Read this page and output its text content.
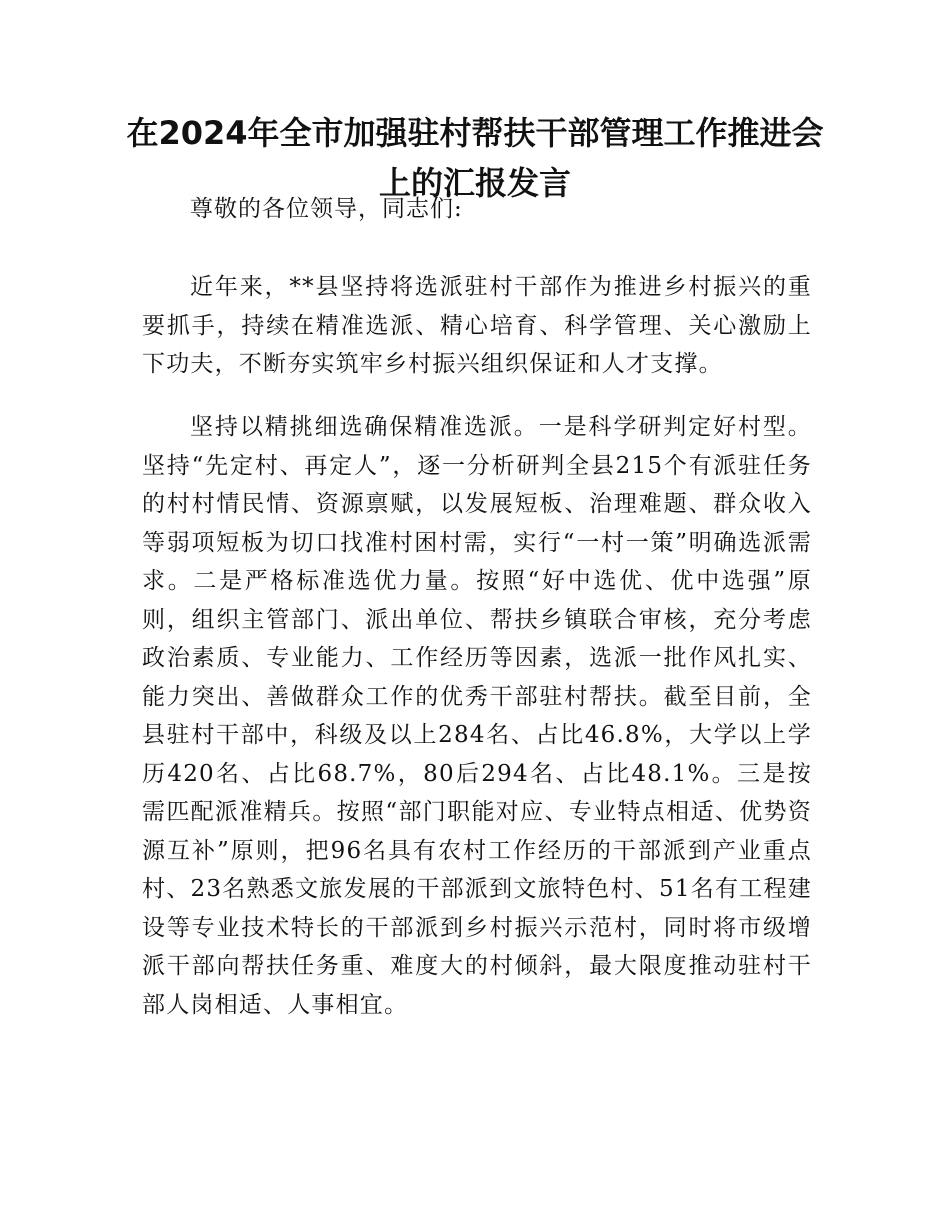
在2024年全市加强驻村帮扶干部管理工作推进会上的汇报发言

尊敬的各位领导，同志们:

近年来，**县坚持将选派驻村干部作为推进乡村振兴的重要抓手，持续在精准选派、精心培育、科学管理、关心激励上下功夫，不断夯实筑牢乡村振兴组织保证和人才支撑。

坚持以精挑细选确保精准选派。一是科学研判定好村型。坚持“先定村、再定人”，逐一分析研判全县215个有派驻任务的村村情民情、资源禀赋，以发展短板、治理难题、群众收入等弱项短板为切口找准村困村需，实行“一村一策”明确选派需求。二是严格标准选优力量。按照“好中选优、优中选强”原则，组织主管部门、派出单位、帮扶乡镇联合审核，充分考虑政治素质、专业能力、工作经历等因素，选派一批作风扎实、能力突出、善做群众工作的优秀干部驻村帮扶。截至目前，全县驻村干部中，科级及以上284名、占比46.8%，大学以上学历420名、占比68.7%，80后294名、占比48.1%。三是按需匹配派准精兵。按照“部门职能对应、专业特点相适、优势资源互补”原则，把96名具有农村工作经历的干部派到产业重点村、23名熟悉文旅发展的干部派到文旅特色村、51名有工程建设等专业技术特长的干部派到乡村振兴示范村，同时将市级增派干部向帮扶任务重、难度大的村倾斜，最大限度推动驻村干部人岗相适、人事相宜。
